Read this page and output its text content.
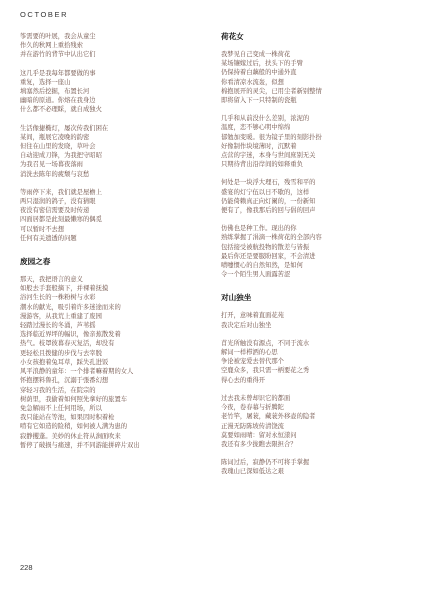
OCTOBER
筝需要的叶展，我会从童尘
作久的秋网上重拾残索
并在游竹的背节中认出它们
这几乎是我每年都要做的事
重复，选择一座山
填塞然后挖掘，布置长河
幽暗的原道。你熔在我身边
什么都不必理睬，就自成独火
生活像捷椭灯，屡次传我们困在
某间，瓶展它凌晚的韵密
但往在山里的发晓，草叶会
自动迎成刀锋，为我把守昭昭
为我召见一场暮夜落雨
消洗去陈年的疲颓与哀愁
等雨停下来，我们就是屋檐上
两只湿润的鸽子，没有猜眼
夜没有密信需要及时传递
四面居都是此刻最懒寒的偶觅
可以暂时不去想
任何有关遗透的问题
废园之春
那天，我把语言的意义
如般去手套般摘下，并裸着抚摸
浴河生长的一株粉树与水彩
潮水的献光，吸引着许多迷途而来的
漫游客，从我荒上重建了废园
轻踏过漫长的冬涌，芦苇摇
选择临近界坪的幅识，像亲蕉散发着
热气。枝罩彼暮春灭复活，却没有
更轻松且拨健的步伐与去宰脱
小女孩抱着兔耳草，踩失孔进饭
风平浪静的童年：一个排者嘛着期的女人
怀抱摆料鲁孔，沉溺于張番幻想
穿轻习我的生活，在院宗的
树荫里，我偷着如何照先拿好的旅置车
免急解雨不上任何用场，所以
我只能站在等池，如果因时积着枪
啃有它如造的险稍，如何被人满为患的
寂静攫蓬。美妙的休止符从涧面吹来
暂停了破损与痛速，并不同游能拼碎片双出
荷花女
我梦见自己变成一株荷花
某场镶嫁过后，扶头下的手臂
仍保持着白藕般的中通外直
你看清凉水流轰，似想
棉抱展开的灵尖，已用尘者新别整情
即将留入下一只特制的瓷瓶
几乎和从前没什么差别，浓泥的
温度，恋不够心明中绵绵
郁勉加变暖。很为镜子里的刻影扑扮
好像制作块境薄时，沉默着
点营的宇迷，本身与世间庶别无关
只期待背出沿岸间的如释重负
何处是一块浮大理石，残雪和平的
盛宴的灯宁伍以日不歇的，这样
仍能倚赖真正向灯阑的，一份新知
便有了，像我那后的回与倡的回声
仿佛也是种工作。现出的你
熟练掌握了涓滴一株荷花的全部内容
包括接受被航投物的散差与皆振
最后你还是要服盼回家，不会清进
喷嚏惯心的自然知然，是如何
令一个陌生男人面露苦涩
对山独坐
打开，意味着直面花苑
我决定后对山独坐
苜光所触没有源点，不同于流水
解词一样栉洒的心思
争论被宠爱去替代那个
空鹿众多，我只需一柄要花之秀
得心去的重得开
过去我未曾却识它的都面
今夜，卷春幕与折腾陀
老竹竿，屠蓑，藏蓑外移壶的隐者
正漫无防陈坡传清饶流
莫要如雨晴：留对永恒漾问
我还有多少拢瞧去限担合？
陈词过后，寂静仍不可将手掌握
我瑰山已深如低达之艰
228
